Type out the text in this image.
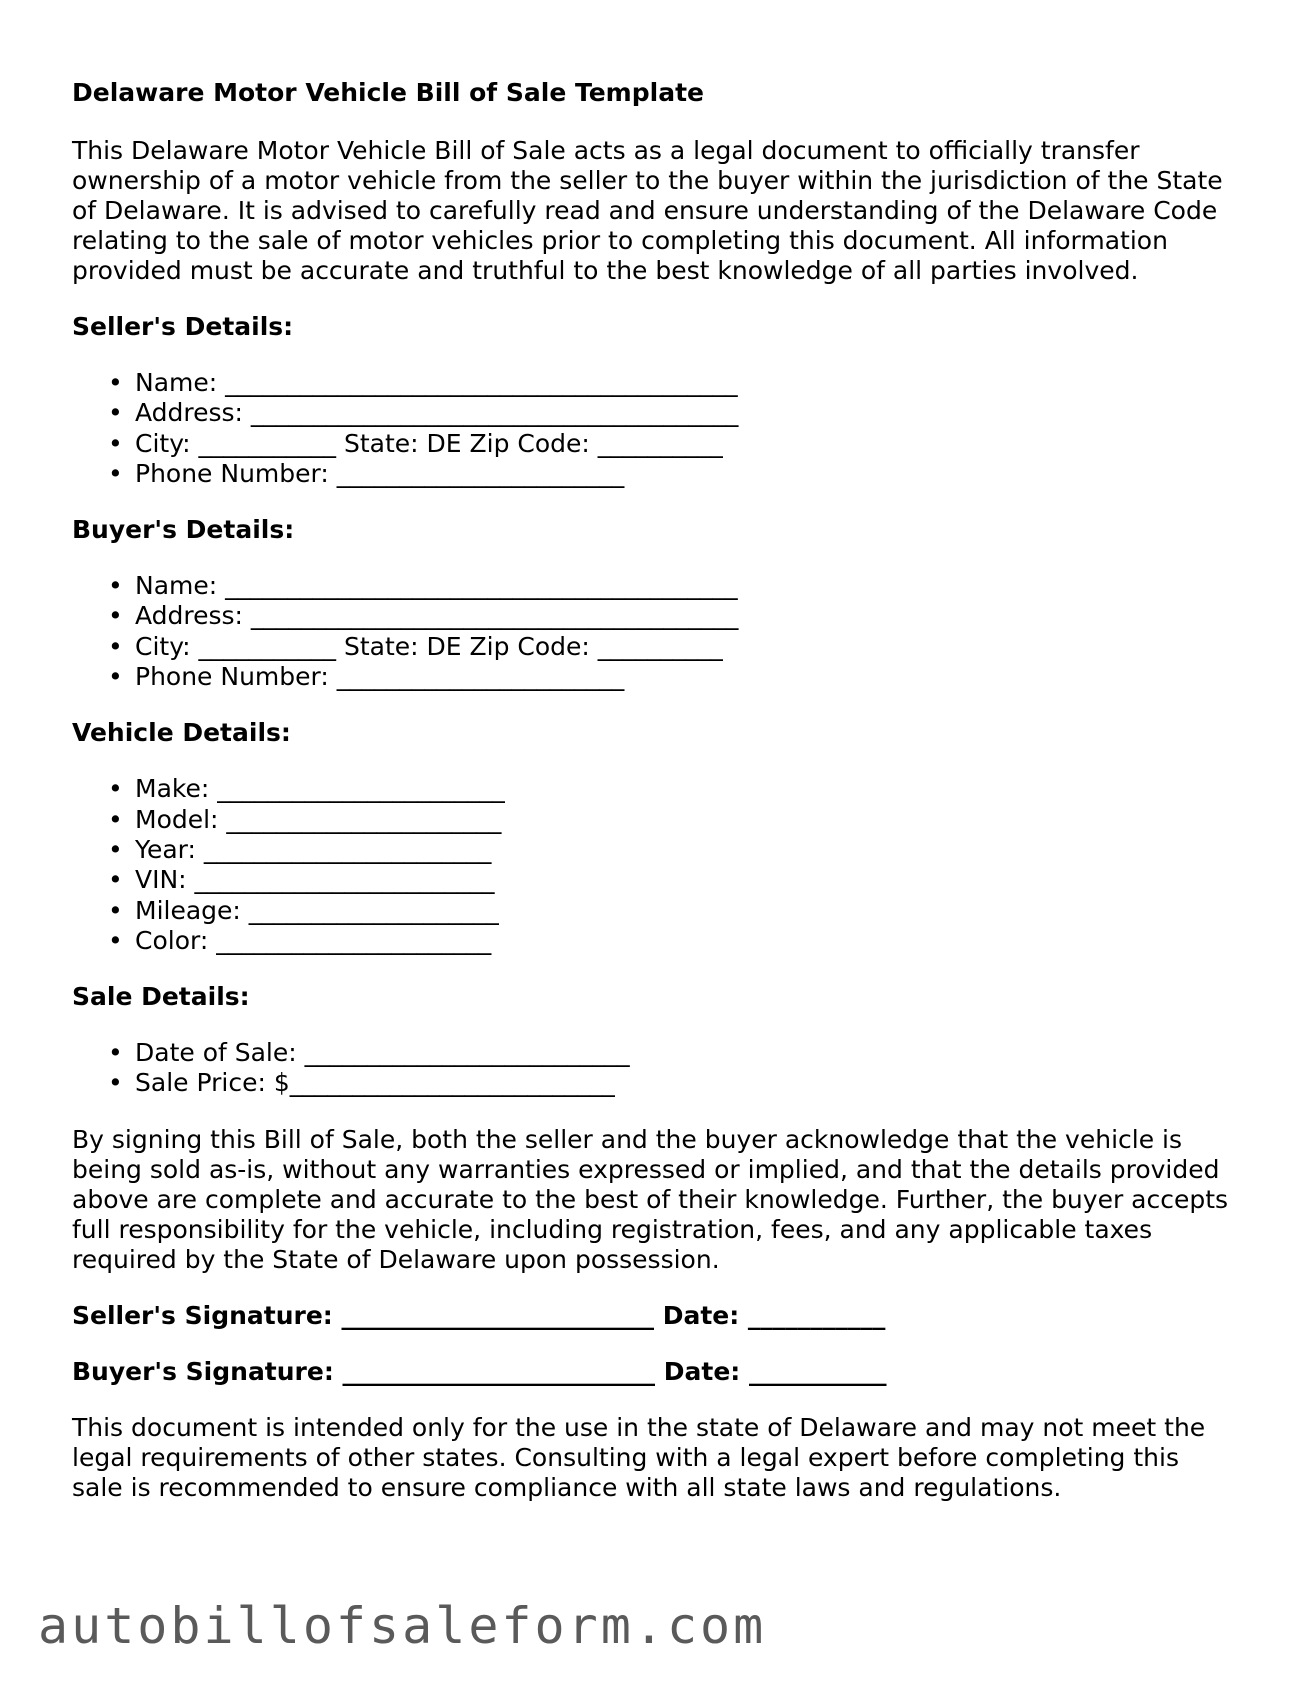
Delaware Motor Vehicle Bill of Sale Template
This Delaware Motor Vehicle Bill of Sale acts as a legal document to officially transfer ownership of a motor vehicle from the seller to the buyer within the jurisdiction of the State of Delaware. It is advised to carefully read and ensure understanding of the Delaware Code relating to the sale of motor vehicles prior to completing this document. All information provided must be accurate and truthful to the best knowledge of all parties involved.
Seller's Details:
• Name: _________________________________________
• Address: _______________________________________
• City: ___________ State: DE Zip Code: __________
• Phone Number: _______________________
Buyer's Details:
• Name: _________________________________________
• Address: _______________________________________
• City: ___________ State: DE Zip Code: __________
• Phone Number: _______________________
Vehicle Details:
• Make: _______________________
• Model: ______________________
• Year: _______________________
• VIN: ________________________
• Mileage: ____________________
• Color: ______________________
Sale Details:
• Date of Sale: __________________________
• Sale Price: $__________________________
By signing this Bill of Sale, both the seller and the buyer acknowledge that the vehicle is being sold as-is, without any warranties expressed or implied, and that the details provided above are complete and accurate to the best of their knowledge. Further, the buyer accepts full responsibility for the vehicle, including registration, fees, and any applicable taxes required by the State of Delaware upon possession.
Seller's Signature: _________________________ Date: ___________
Buyer's Signature: _________________________ Date: ___________
This document is intended only for the use in the state of Delaware and may not meet the legal requirements of other states. Consulting with a legal expert before completing this sale is recommended to ensure compliance with all state laws and regulations.
autobillofsaleform.com
